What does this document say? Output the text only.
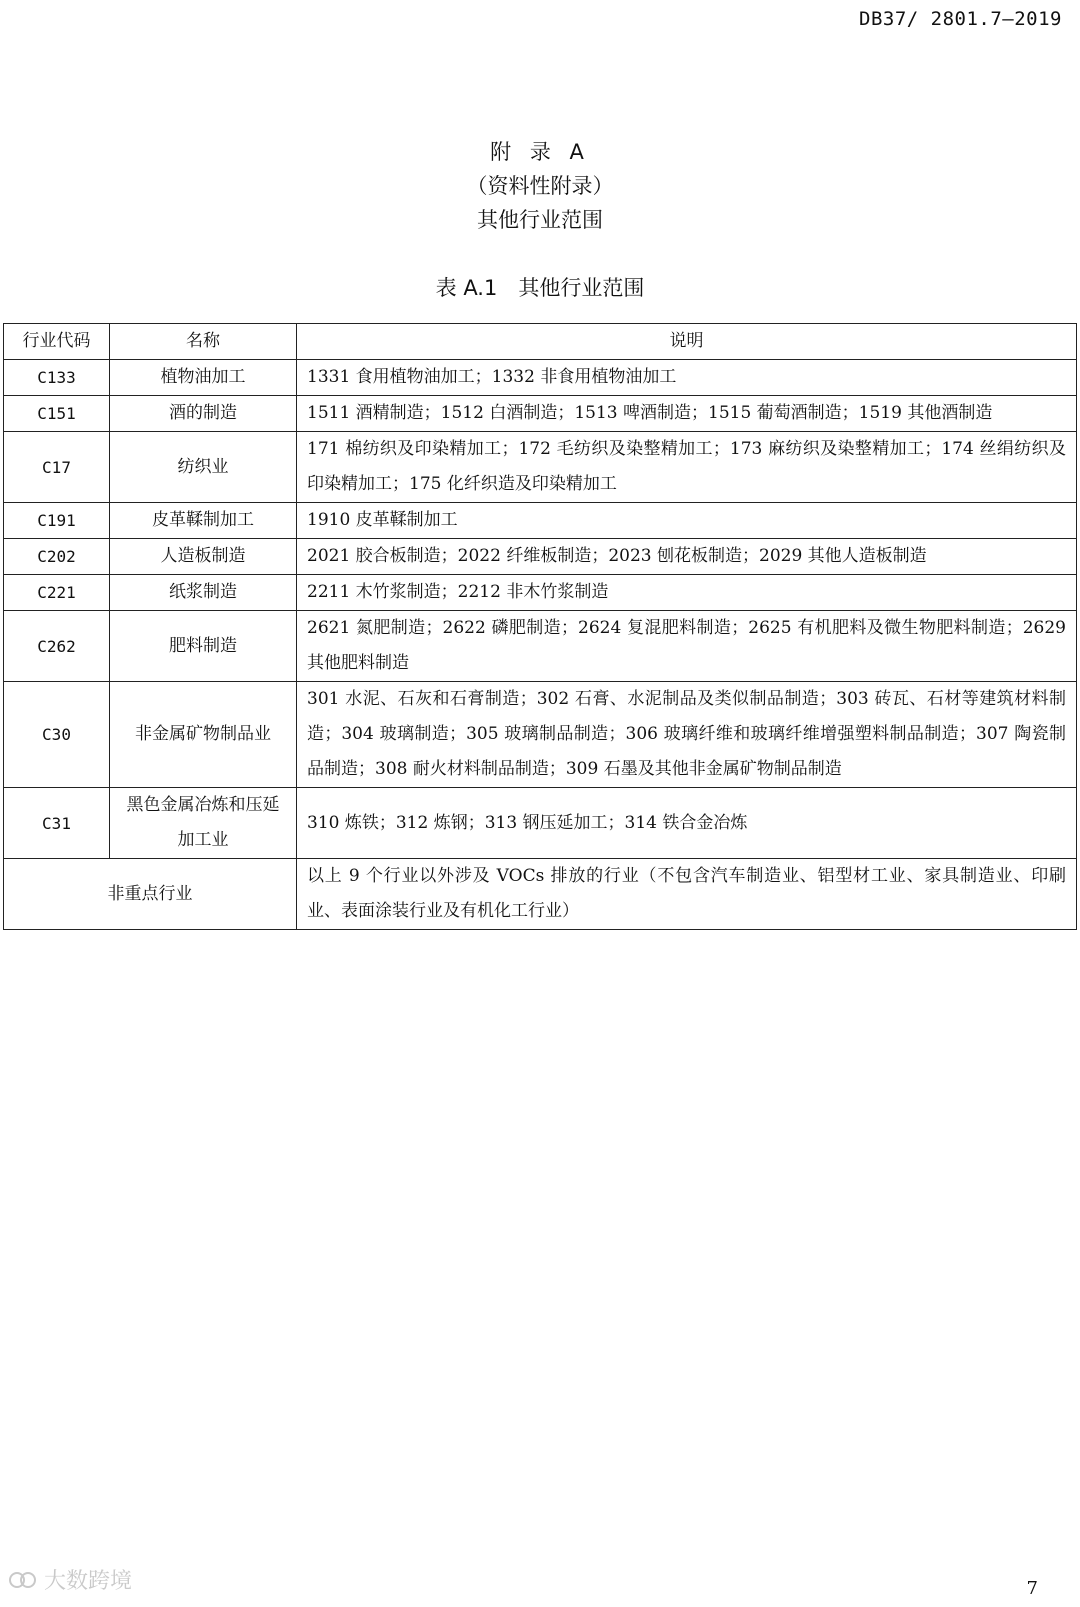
DB37/ 2801.7—2019
附 录 A
（资料性附录）
其他行业范围
表 A.1　其他行业范围
行业代码	名称	说明
C133	植物油加工	1331 食用植物油加工；1332 非食用植物油加工
C151	酒的制造	1511 酒精制造；1512 白酒制造；1513 啤酒制造；1515 葡萄酒制造；1519 其他酒制造
C17	纺织业	171 棉纺织及印染精加工；172 毛纺织及染整精加工；173 麻纺织及染整精加工；174 丝绢纺织及印染精加工；175 化纤织造及印染精加工
C191	皮革鞣制加工	1910 皮革鞣制加工
C202	人造板制造	2021 胶合板制造；2022 纤维板制造；2023 刨花板制造；2029 其他人造板制造
C221	纸浆制造	2211 木竹浆制造；2212 非木竹浆制造
C262	肥料制造	2621 氮肥制造；2622 磷肥制造；2624 复混肥料制造；2625 有机肥料及微生物肥料制造；2629 其他肥料制造
C30	非金属矿物制品业	301 水泥、石灰和石膏制造；302 石膏、水泥制品及类似制品制造；303 砖瓦、石材等建筑材料制造；304 玻璃制造；305 玻璃制品制造；306 玻璃纤维和玻璃纤维增强塑料制品制造；307 陶瓷制品制造；308 耐火材料制品制造；309 石墨及其他非金属矿物制品制造
C31	黑色金属冶炼和压延加工业	310 炼铁；312 炼钢；313 钢压延加工；314 铁合金冶炼
非重点行业		以上 9 个行业以外涉及 VOCs 排放的行业（不包含汽车制造业、铝型材工业、家具制造业、印刷业、表面涂装行业及有机化工行业）
大数跨境	7
